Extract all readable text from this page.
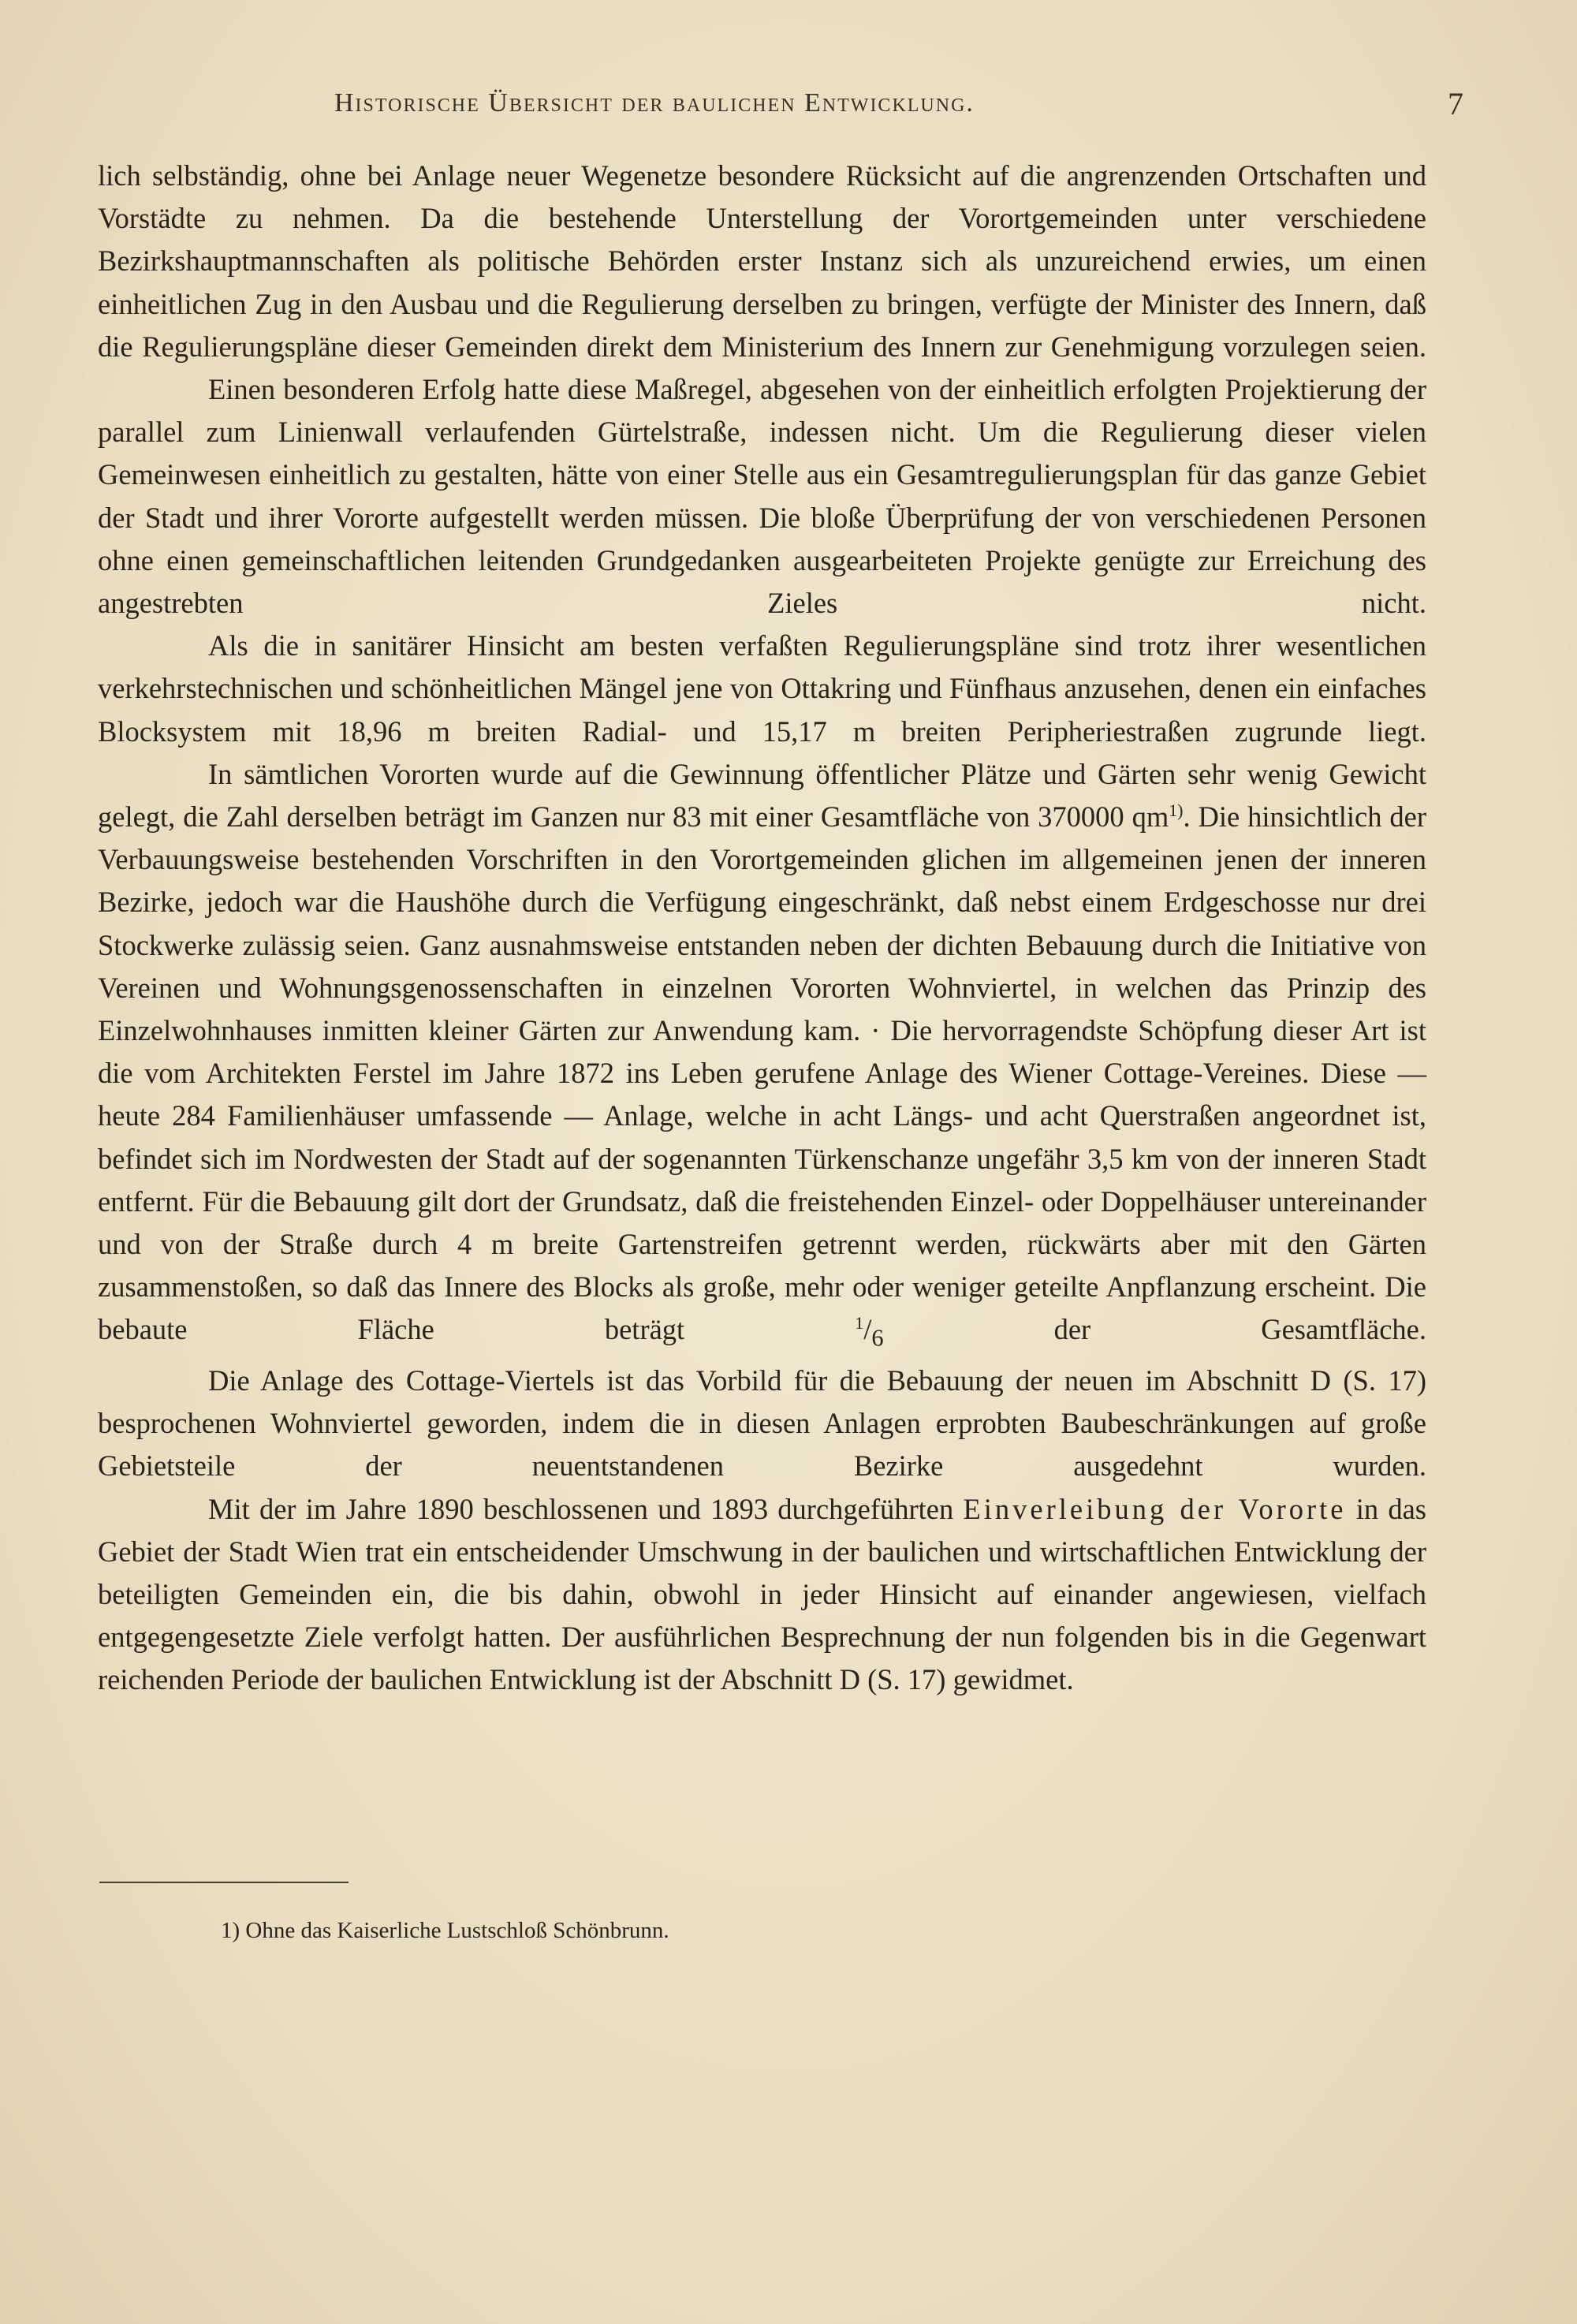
Historische Übersicht der baulichen Entwicklung.	7

lich selbständig, ohne bei Anlage neuer Wegenetze besondere Rücksicht auf die angrenzenden Ortschaften und Vorstädte zu nehmen. Da die bestehende Unterstellung der Vorortgemeinden unter verschiedene Bezirkshauptmannschaften als politische Behörden erster Instanz sich als unzureichend erwies, um einen einheitlichen Zug in den Ausbau und die Regulierung derselben zu bringen, verfügte der Minister des Innern, daß die Regulierungspläne dieser Gemeinden direkt dem Ministerium des Innern zur Genehmigung vorzulegen seien.

Einen besonderen Erfolg hatte diese Maßregel, abgesehen von der einheitlich erfolgten Projektierung der parallel zum Linienwall verlaufenden Gürtelstraße, indessen nicht. Um die Regulierung dieser vielen Gemeinwesen einheitlich zu gestalten, hätte von einer Stelle aus ein Gesamtregulierungsplan für das ganze Gebiet der Stadt und ihrer Vororte aufgestellt werden müssen. Die bloße Überprüfung der von verschiedenen Personen ohne einen gemeinschaftlichen leitenden Grundgedanken ausgearbeiteten Projekte genügte zur Erreichung des angestrebten Zieles nicht.

Als die in sanitärer Hinsicht am besten verfaßten Regulierungspläne sind trotz ihrer wesentlichen verkehrstechnischen und schönheitlichen Mängel jene von Ottakring und Fünfhaus anzusehen, denen ein einfaches Blocksystem mit 18,96 m breiten Radial- und 15,17 m breiten Peripheriestraßen zugrunde liegt.

In sämtlichen Vororten wurde auf die Gewinnung öffentlicher Plätze und Gärten sehr wenig Gewicht gelegt, die Zahl derselben beträgt im Ganzen nur 83 mit einer Gesamtfläche von 370000 $qm^{1)}$. Die hinsichtlich der Verbauungsweise bestehenden Vorschriften in den Vorortgemeinden glichen im allgemeinen jenen der inneren Bezirke, jedoch war die Haushöhe durch die Verfügung eingeschränkt, daß nebst einem Erdgeschosse nur drei Stockwerke zulässig seien. Ganz ausnahmsweise entstanden neben der dichten Bebauung durch die Initiative von Vereinen und Wohnungsgenossenschaften in einzelnen Vororten Wohnviertel, in welchen das Prinzip des Einzelwohnhauses inmitten kleiner Gärten zur Anwendung kam. · Die hervorragendste Schöpfung dieser Art ist die vom Architekten Ferstel im Jahre 1872 ins Leben gerufene Anlage des Wiener Cottage-Vereines. Diese — heute 284 Familienhäuser umfassende — Anlage, welche in acht Längs- und acht Querstraßen angeordnet ist, befindet sich im Nordwesten der Stadt auf der sogenannten Türkenschanze ungefähr 3,5 km von der inneren Stadt entfernt. Für die Bebauung gilt dort der Grundsatz, daß die freistehenden Einzel- oder Doppelhäuser untereinander und von der Straße durch 4 m breite Gartenstreifen getrennt werden, rückwärts aber mit den Gärten zusammenstoßen, so daß das Innere des Blocks als große, mehr oder weniger geteilte Anpflanzung erscheint. Die bebaute Fläche beträgt $^1/_6$ der Gesamtfläche.

Die Anlage des Cottage-Viertels ist das Vorbild für die Bebauung der neuen im Abschnitt D (S. 17) besprochenen Wohnviertel geworden, indem die in diesen Anlagen erprobten Baubeschränkungen auf große Gebietsteile der neuentstandenen Bezirke ausgedehnt wurden.

Mit der im Jahre 1890 beschlossenen und 1893 durchgeführten Einverleibung der Vororte in das Gebiet der Stadt Wien trat ein entscheidender Umschwung in der baulichen und wirtschaftlichen Entwicklung der beteiligten Gemeinden ein, die bis dahin, obwohl in jeder Hinsicht auf einander angewiesen, vielfach entgegengesetzte Ziele verfolgt hatten. Der ausführlichen Besprechnung der nun folgenden bis in die Gegenwart reichenden Periode der baulichen Entwicklung ist der Abschnitt D (S. 17) gewidmet.

1) Ohne das Kaiserliche Lustschloß Schönbrunn.
